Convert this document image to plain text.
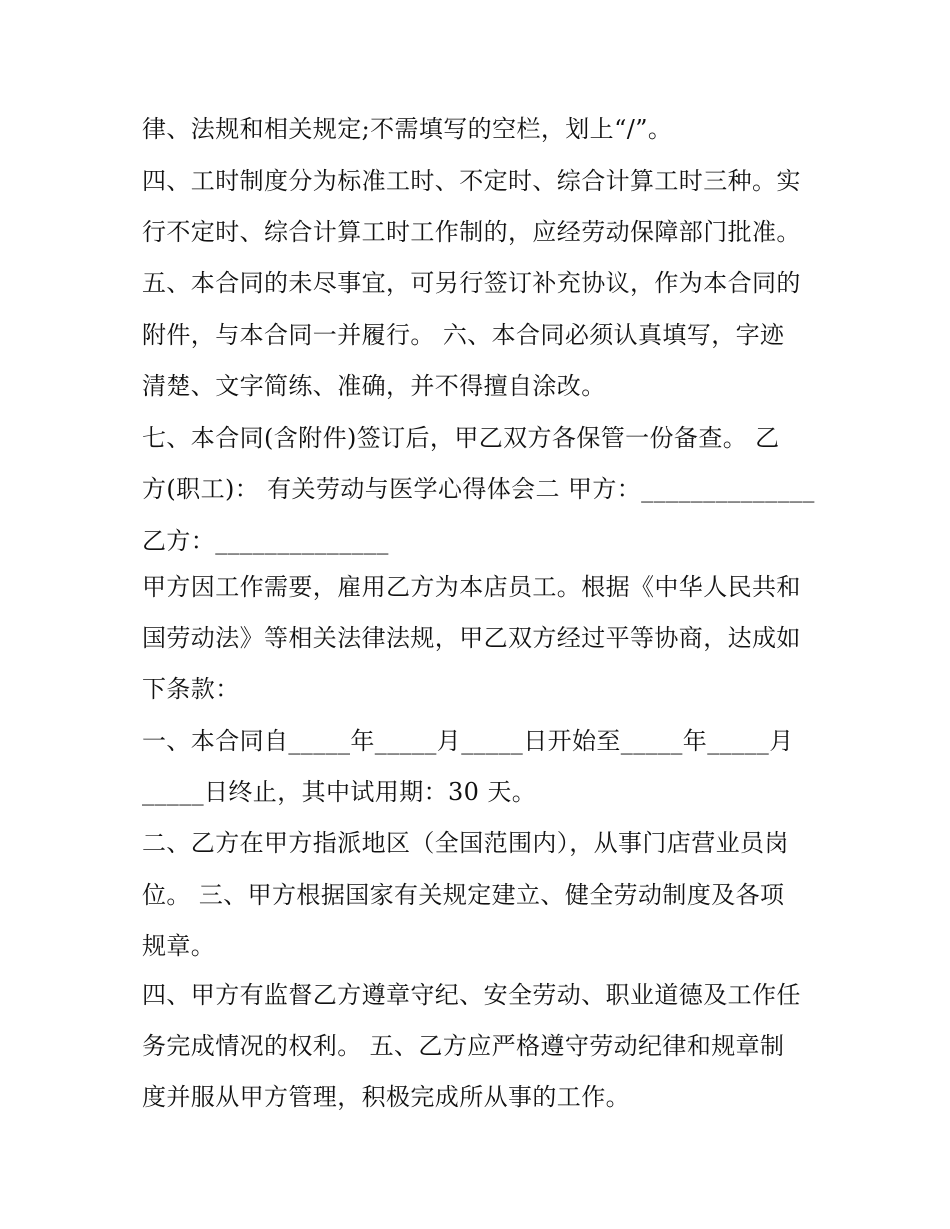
律、法规和相关规定;不需填写的空栏，划上“/”。
四、工时制度分为标准工时、不定时、综合计算工时三种。实
行不定时、综合计算工时工作制的，应经劳动保障部门批准。
五、本合同的未尽事宜，可另行签订补充协议，作为本合同的
附件，与本合同一并履行。 六、本合同必须认真填写，字迹
清楚、文字简练、准确，并不得擅自涂改。
七、本合同(含附件)签订后，甲乙双方各保管一份备查。 乙
方(职工)： 有关劳动与医学心得体会二 甲方：______________
乙方：______________
甲方因工作需要，雇用乙方为本店员工。根据《中华人民共和
国劳动法》等相关法律法规，甲乙双方经过平等协商，达成如
下条款：
一、本合同自_____年_____月_____日开始至_____年_____月
_____日终止，其中试用期：30 天。
二、乙方在甲方指派地区（全国范围内），从事门店营业员岗
位。 三、甲方根据国家有关规定建立、健全劳动制度及各项
规章。
四、甲方有监督乙方遵章守纪、安全劳动、职业道德及工作任
务完成情况的权利。 五、乙方应严格遵守劳动纪律和规章制
度并服从甲方管理，积极完成所从事的工作。
